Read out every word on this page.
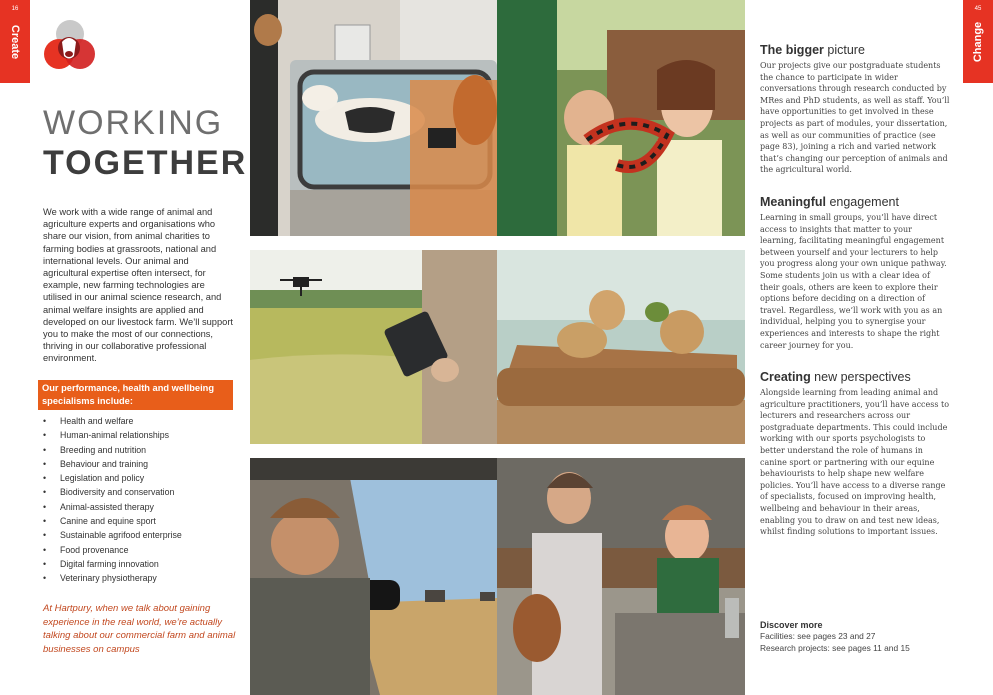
16
Create
WORKING
TOGETHER
We work with a wide range of animal and agriculture experts and organisations who share our vision, from animal charities to farming bodies at grassroots, national and international levels. Our animal and agricultural expertise often intersect, for example, new farming technologies are utilised in our animal science research, and animal welfare insights are applied and developed on our livestock farm. We’ll support you to make the most of our connections, thriving in our collaborative professional environment.
Our performance, health and wellbeing specialisms include:
• Health and welfare
• Human-animal relationships
• Breeding and nutrition
• Behaviour and training
• Legislation and policy
• Biodiversity and conservation
• Animal-assisted therapy
• Canine and equine sport
• Sustainable agrifood enterprise
• Food provenance
• Digital farming innovation
• Veterinary physiotherapy
At Hartpury, when we talk about gaining experience in the real world, we’re actually talking about our commercial farm and animal businesses on campus
45
Change
The bigger picture
Our projects give our postgraduate students the chance to participate in wider conversations through research conducted by MRes and PhD students, as well as staff. You’ll have opportunities to get involved in these projects as part of modules, your dissertation, as well as our communities of practice (see page 83), joining a rich and varied network that’s changing our perception of animals and the agricultural world.
Meaningful engagement
Learning in small groups, you’ll have direct access to insights that matter to your learning, facilitating meaningful engagement between yourself and your lecturers to help you progress along your own unique pathway. Some students join us with a clear idea of their goals, others are keen to explore their options before deciding on a direction of travel. Regardless, we’ll work with you as an individual, helping you to synergise your experiences and interests to shape the right career journey for you.
Creating new perspectives
Alongside learning from leading animal and agriculture practitioners, you’ll have access to lecturers and researchers across our postgraduate departments. This could include working with our sports psychologists to better understand the role of humans in canine sport or partnering with our equine behaviourists to help shape new welfare policies. You’ll have access to a diverse range of specialists, focused on improving health, wellbeing and behaviour in their areas, enabling you to draw on and test new ideas, whilst finding solutions to important issues.
Discover more
Facilities: see pages 23 and 27
Research projects: see pages 11 and 15
